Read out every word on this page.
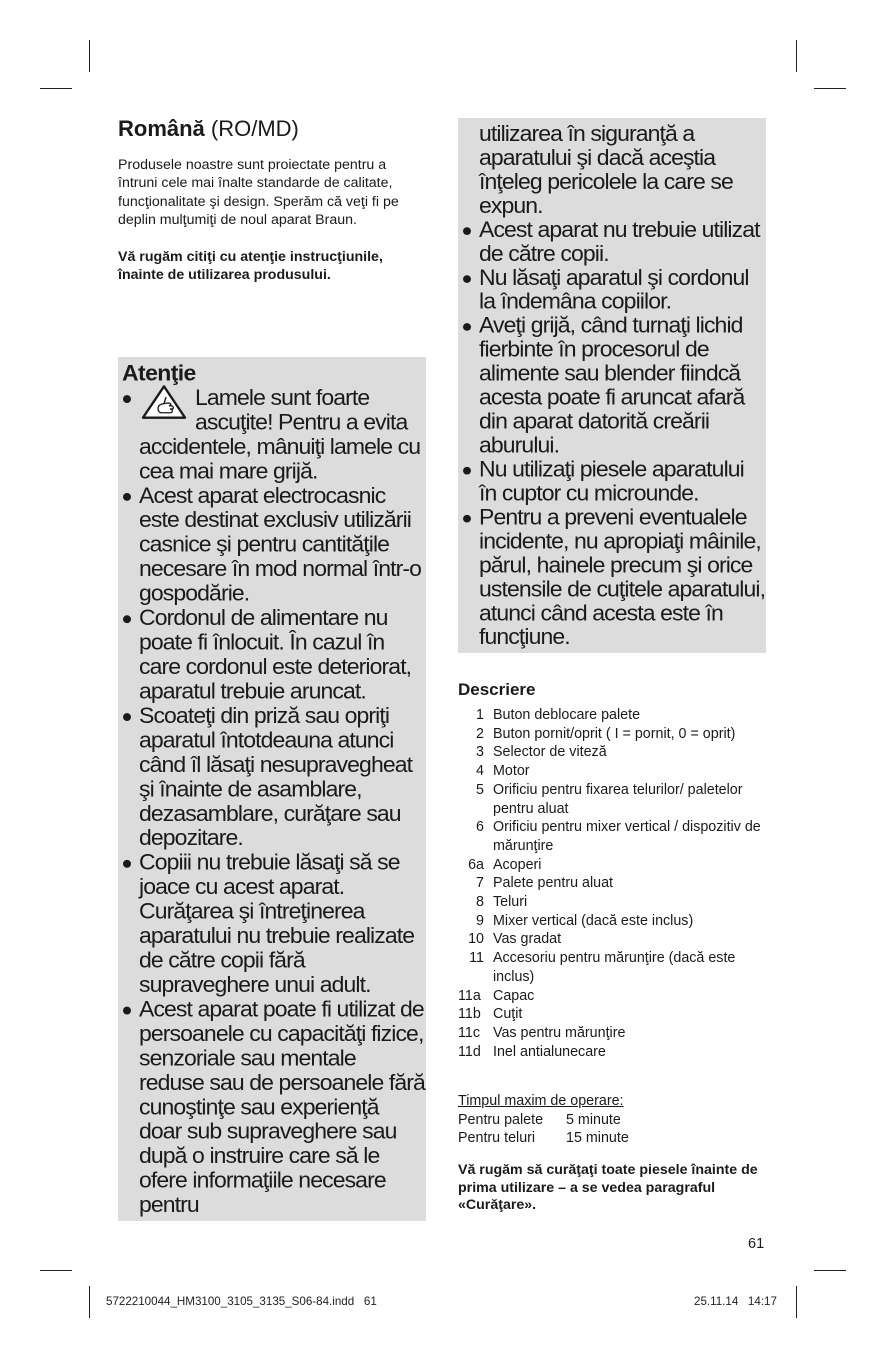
Română (RO/MD)

Produsele noastre sunt proiectate pentru a întruni cele mai înalte standarde de calitate, funcţionalitate şi design. Sperăm că veţi fi pe deplin mulţumiţi de noul aparat Braun.

Vă rugăm citiţi cu atenţie instrucţiunile, înainte de utilizarea produsului.

Atenţie

Lamele sunt foarte ascuţite! Pentru a evita accidentele, mânuiţi lamele cu cea mai mare grijă.
Acest aparat electrocasnic este destinat exclusiv utilizării casnice şi pentru cantităţile necesare în mod normal într-o gospodărie.
Cordonul de alimentare nu poate fi înlocuit. În cazul în care cordonul este deteriorat, aparatul trebuie aruncat.
Scoateţi din priză sau opriţi aparatul întotdeauna atunci când îl lăsaţi nesupravegheat şi înainte de asamblare, dezasamblare, curăţare sau depozitare.
Copiii nu trebuie lăsaţi să se joace cu acest aparat. Curăţarea şi întreţinerea aparatului nu trebuie realizate de către copii fără supraveghere unui adult.
Acest aparat poate fi utilizat de persoanele cu capacităţi fizice, senzoriale sau mentale reduse sau de persoanele fără cunoştinţe sau experienţă doar sub supraveghere sau după o instruire care să le ofere informaţiile necesare pentru
utilizarea în siguranţă a aparatului şi dacă aceştia înţeleg pericolele la care se expun.
Acest aparat nu trebuie utilizat de către copii.
Nu lăsaţi aparatul şi cordonul la îndemâna copiilor.
Aveţi grijă, când turnaţi lichid fierbinte în procesorul de alimente sau blender fiindcă acesta poate fi aruncat afară din aparat datorită creării aburului.
Nu utilizaţi piesele aparatului în cuptor cu microunde.
Pentru a preveni eventualele incidente, nu apropiaţi mâinile, părul, hainele precum şi orice ustensile de cuţitele aparatului, atunci când acesta este în funcţiune.
Descriere
1 Buton deblocare palete
2 Buton pornit/oprit ( I = pornit, 0 = oprit)
3 Selector de viteză
4 Motor
5 Orificiu pentru fixarea telurilor/ paletelor pentru aluat
6 Orificiu pentru mixer vertical / dispozitiv de mărunţire
6a Acoperi
7 Palete pentru aluat
8 Teluri
9 Mixer vertical (dacă este inclus)
10 Vas gradat
11 Accesoriu pentru mărunţire (dacă este inclus)
11a Capac
11b Cuţit
11c Vas pentru mărunţire
11d Inel antialunecare
Timpul maxim de operare:
Pentru palete 5 minute
Pentru teluri 15 minute

Vă rugăm să curăţaţi toate piesele înainte de prima utilizare – a se vedea paragraful «Curăţare».

61
5722210044_HM3100_3105_3135_S06-84.indd   61	25.11.14   14:17
